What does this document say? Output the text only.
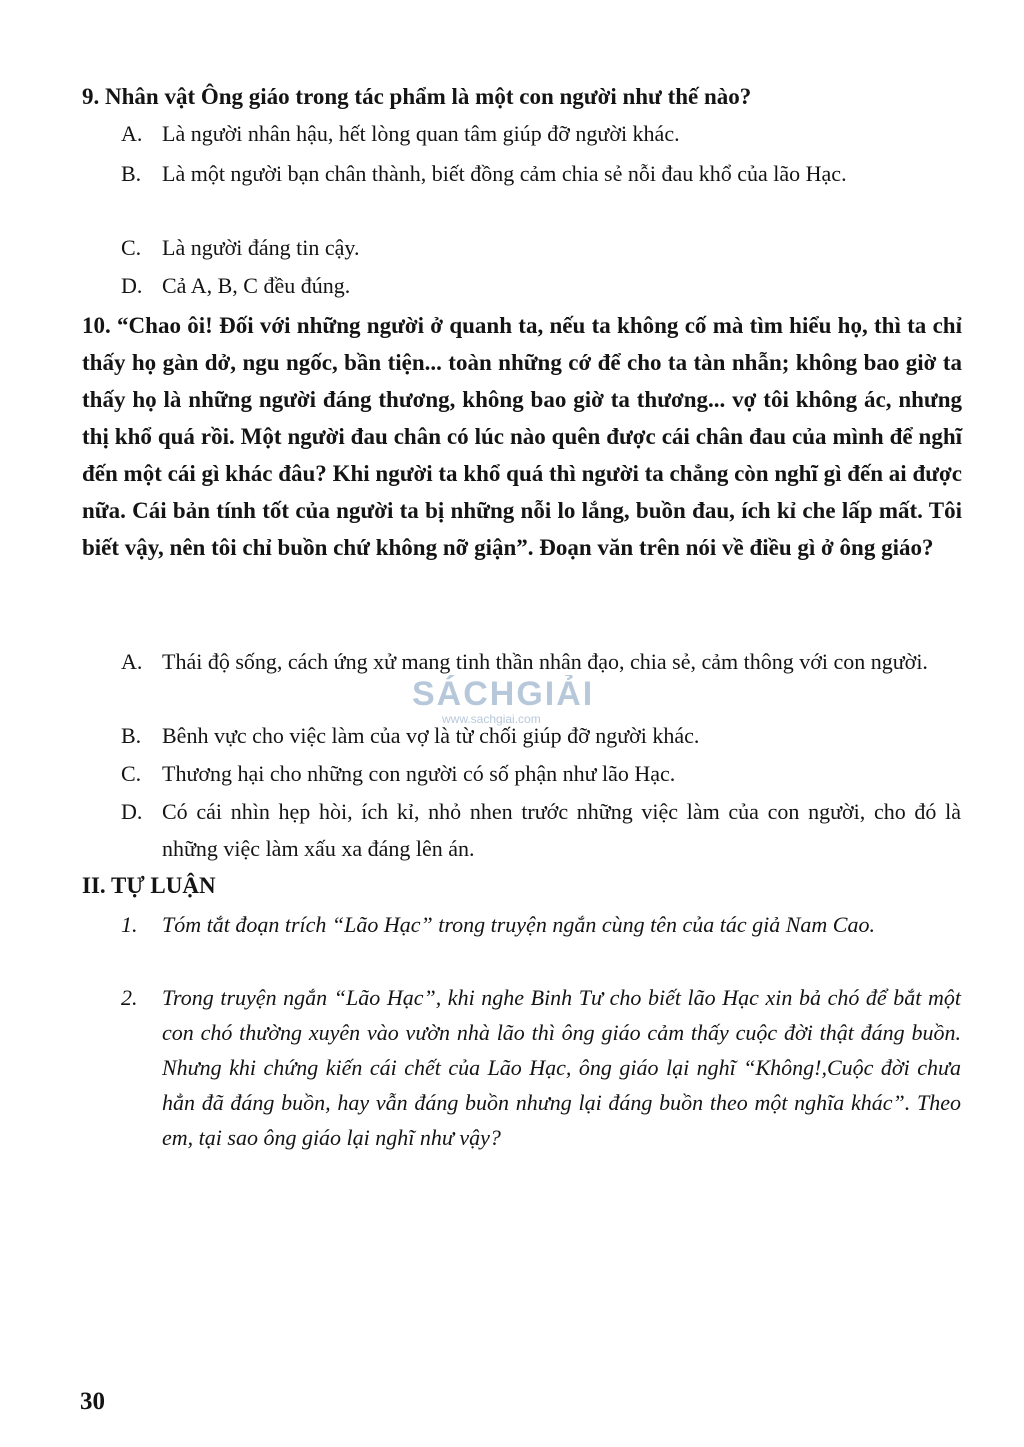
9. Nhân vật Ông giáo trong tác phẩm là một con người như thế nào?
A. Là người nhân hậu, hết lòng quan tâm giúp đỡ người khác.
B. Là một người bạn chân thành, biết đồng cảm chia sẻ nỗi đau khổ của lão Hạc.
C. Là người đáng tin cậy.
D. Cả A, B, C đều đúng.
10. “Chao ôi! Đối với những người ở quanh ta, nếu ta không cố mà tìm hiểu họ, thì ta chỉ thấy họ gàn dở, ngu ngốc, bần tiện... toàn những cớ để cho ta tàn nhẫn; không bao giờ ta thấy họ là những người đáng thương, không bao giờ ta thương... vợ tôi không ác, nhưng thị khổ quá rồi. Một người đau chân có lúc nào quên được cái chân đau của mình để nghĩ đến một cái gì khác đâu? Khi người ta khổ quá thì người ta chẳng còn nghĩ gì đến ai được nữa. Cái bản tính tốt của người ta bị những nỗi lo lắng, buồn đau, ích kỉ che lấp mất. Tôi biết vậy, nên tôi chỉ buồn chứ không nỡ giận”. Đoạn văn trên nói về điều gì ở ông giáo?
A. Thái độ sống, cách ứng xử mang tinh thần nhân đạo, chia sẻ, cảm thông với con người.
B. Bênh vực cho việc làm của vợ là từ chối giúp đỡ người khác.
C. Thương hại cho những con người có số phận như lão Hạc.
D. Có cái nhìn hẹp hòi, ích kỉ, nhỏ nhen trước những việc làm của con người, cho đó là những việc làm xấu xa đáng lên án.
II. TỰ LUẬN
1.	Tóm tắt đoạn trích “Lão Hạc” trong truyện ngắn cùng tên của tác giả Nam Cao.
2.	Trong truyện ngắn “Lão Hạc”, khi nghe Binh Tư cho biết lão Hạc xin bả chó để bắt một con chó thường xuyên vào vườn nhà lão thì ông giáo cảm thấy cuộc đời thật đáng buồn. Nhưng khi chứng kiến cái chết của Lão Hạc, ông giáo lại nghĩ “Không!,Cuộc đời chưa hẳn đã đáng buồn, hay vẫn đáng buồn nhưng lại đáng buồn theo một nghĩa khác”. Theo em, tại sao ông giáo lại nghĩ như vậy?
SÁCHGIẢI
www.sachgiai.com
30
